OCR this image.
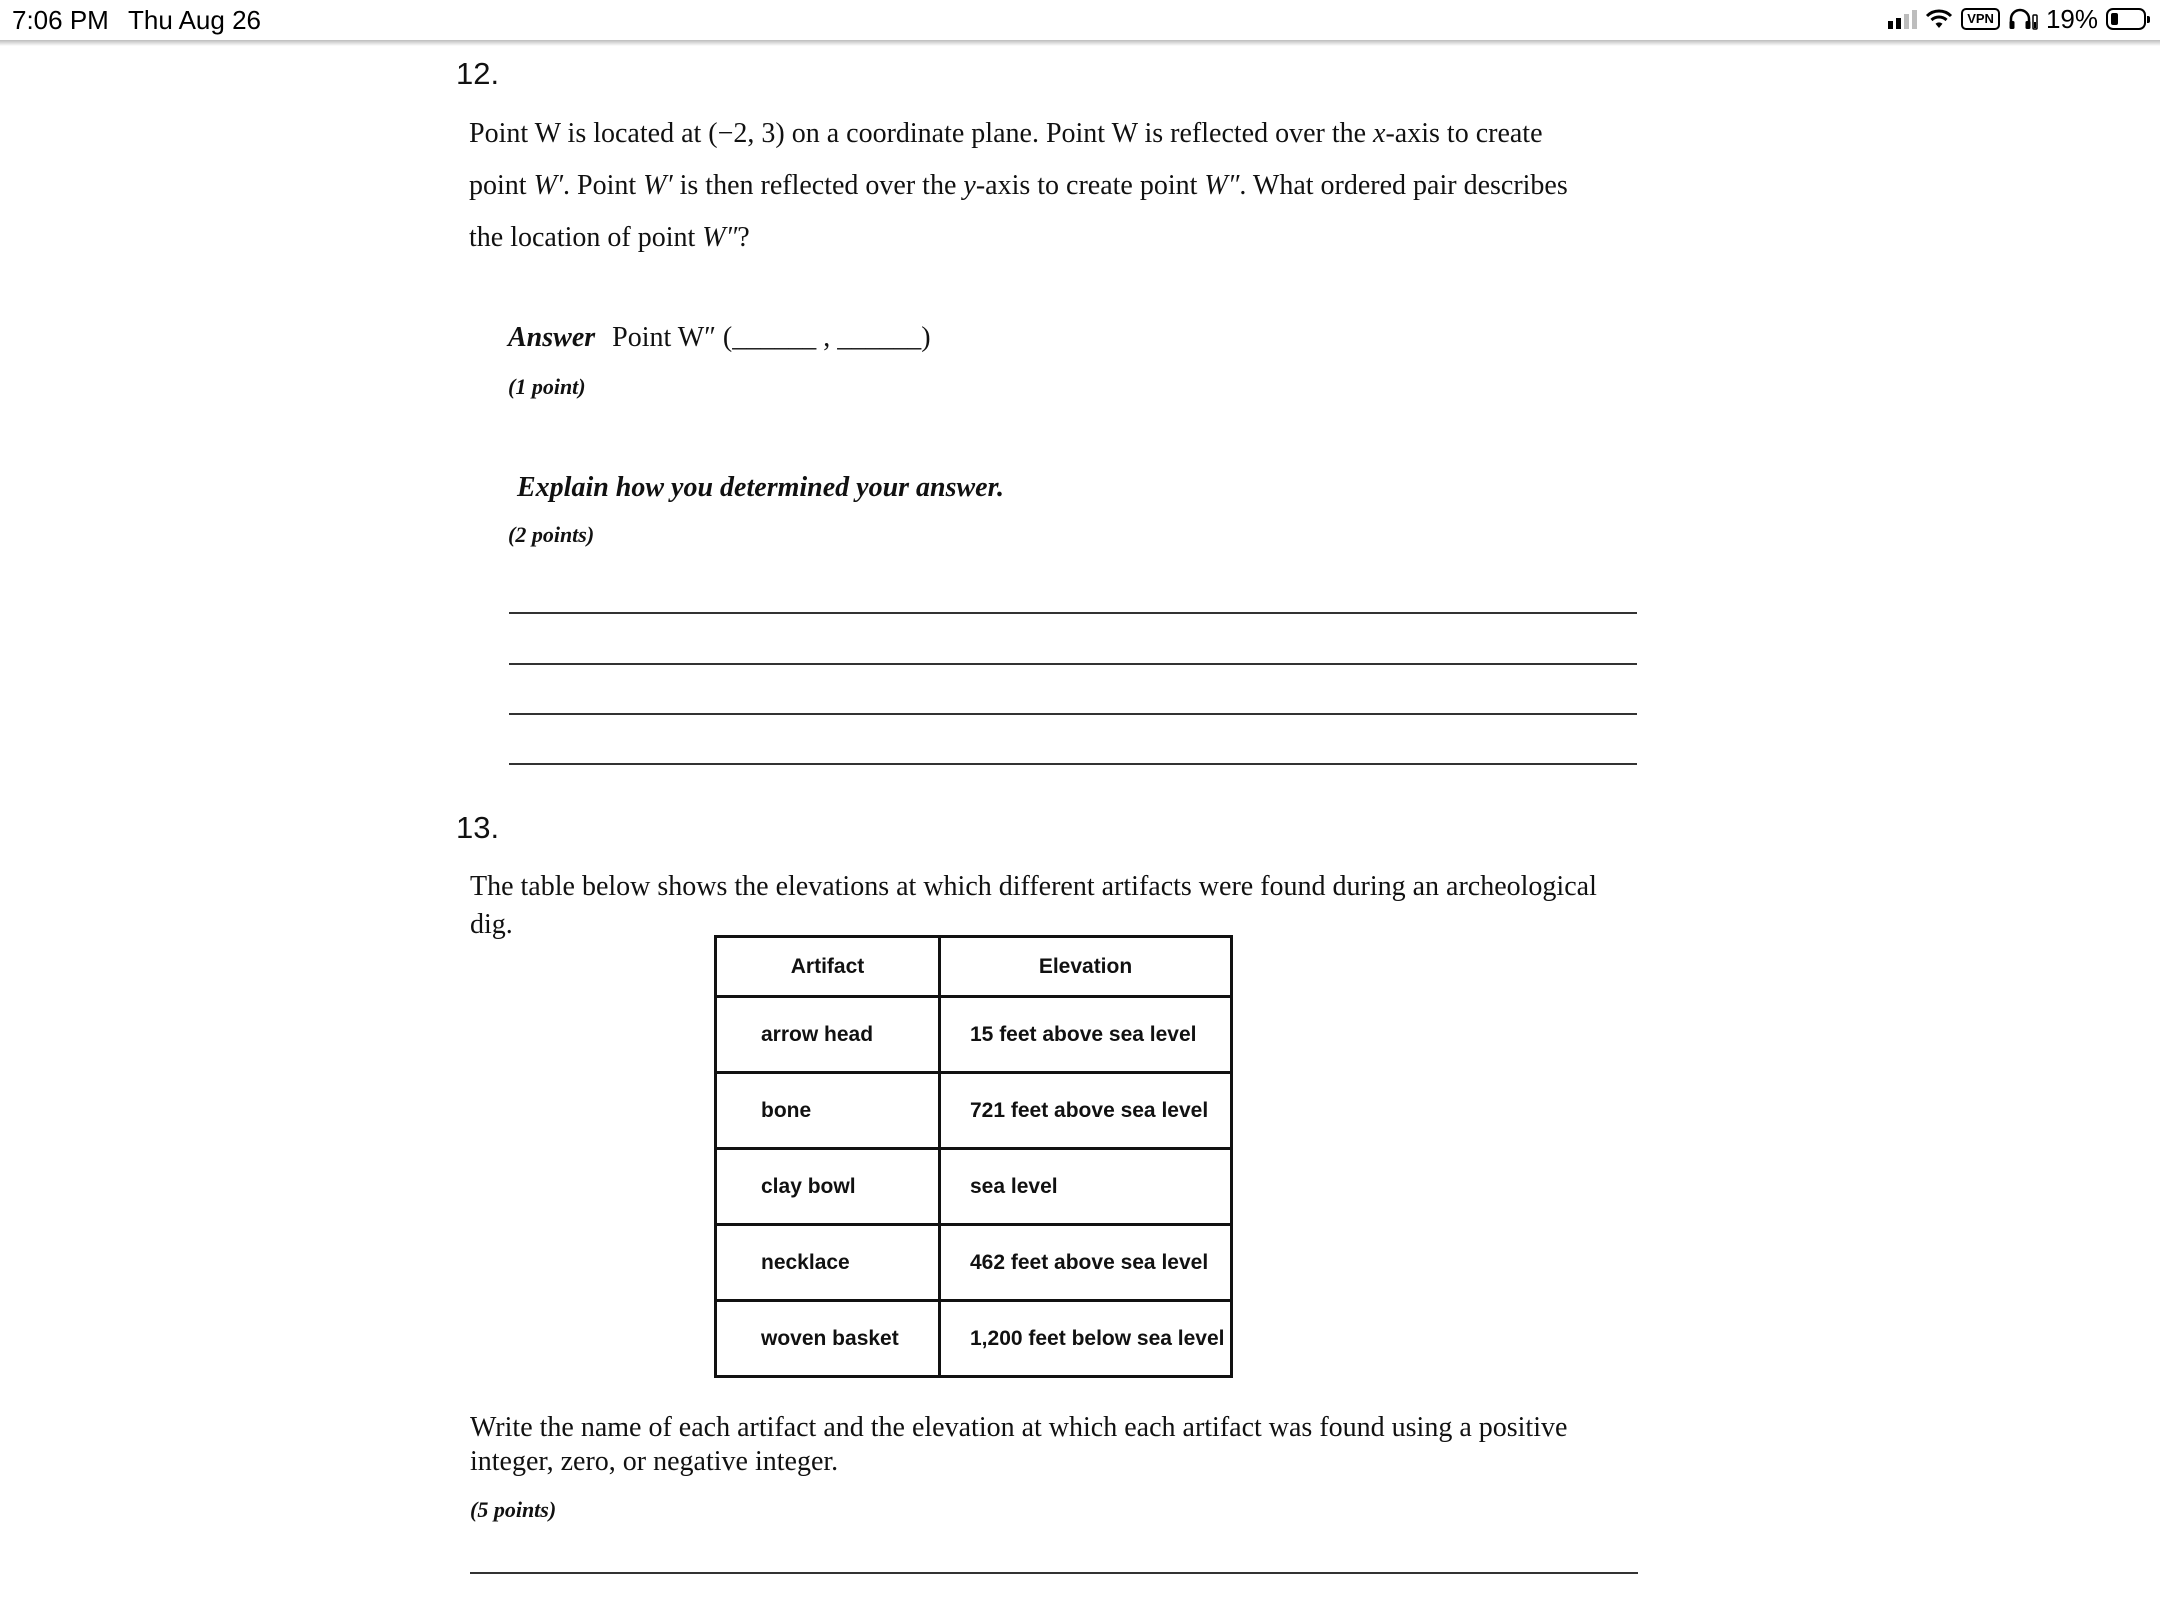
7:06 PM Thu Aug 26	VPN 19%
12.
Point W is located at (−2, 3) on a coordinate plane. Point W is reflected over the x-axis to create
point W′. Point W′ is then reflected over the y-axis to create point W″. What ordered pair describes
the location of point W″?
Answer Point W″ (______ , ______)
(1 point)
Explain how you determined your answer.
(2 points)
13.
The table below shows the elevations at which different artifacts were found during an archeological
dig.
Artifact	Elevation
arrow head	15 feet above sea level
bone	721 feet above sea level
clay bowl	sea level
necklace	462 feet above sea level
woven basket	1,200 feet below sea level
Write the name of each artifact and the elevation at which each artifact was found using a positive
integer, zero, or negative integer.
(5 points)
